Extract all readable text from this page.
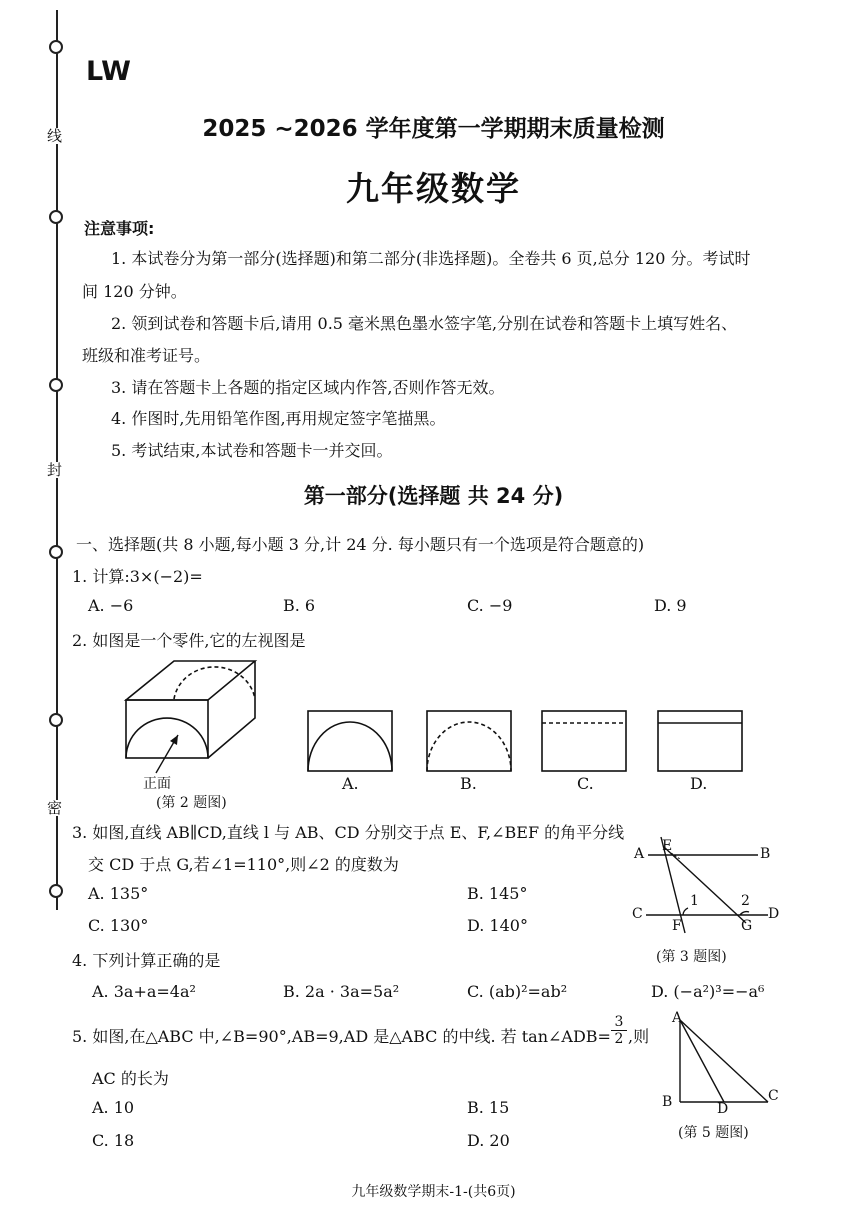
线
封
密
LW
2025 ~2026 学年度第一学期期末质量检测
九年级数学
注意事项:
1. 本试卷分为第一部分(选择题)和第二部分(非选择题)。全卷共 6 页,总分 120 分。考试时
间 120 分钟。
2. 领到试卷和答题卡后,请用 0.5 毫米黑色墨水签字笔,分别在试卷和答题卡上填写姓名、
班级和准考证号。
3. 请在答题卡上各题的指定区域内作答,否则作答无效。
4. 作图时,先用铅笔作图,再用规定签字笔描黑。
5. 考试结束,本试卷和答题卡一并交回。
第一部分(选择题 共 24 分)
一、选择题(共 8 小题,每小题 3 分,计 24 分. 每小题只有一个选项是符合题意的)
1. 计算:3×(−2)=
A. −6	B. 6	C. −9	D. 9
2. 如图是一个零件,它的左视图是
正面
(第 2 题图)
A.	B.	C.	D.
3. 如图,直线 AB∥CD,直线 l 与 AB、CD 分别交于点 E、F,∠BEF 的角平分线
交 CD 于点 G,若∠1=110°,则∠2 的度数为
A. 135°	B. 145°
C. 130°	D. 140°
A E	B
C
1	2
D
F	G
(第 3 题图)
4. 下列计算正确的是
A. 3a+a=4a²	B. 2a · 3a=5a²	C. (ab)²=ab²	D. (−a²)³=−a⁶
5. 如图,在△ABC 中,∠B=90°,AB=9,AD 是△ABC 的中线. 若 tan∠ADB= $\frac{3}{2}$ ,则
AC 的长为
A. 10	B. 15
C. 18	D. 20
A
B	D
C
(第 5 题图)
九年级数学期末-1-(共6页)
